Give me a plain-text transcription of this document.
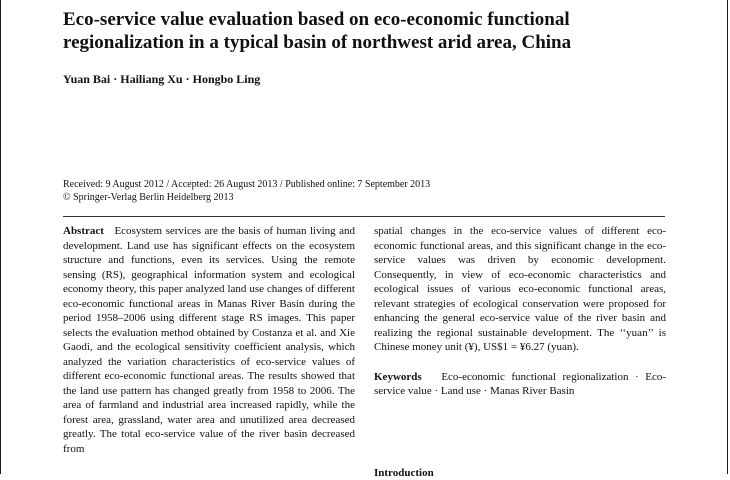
Eco-service value evaluation based on eco-economic functional regionalization in a typical basin of northwest arid area, China
Yuan Bai · Hailiang Xu · Hongbo Ling
Received: 9 August 2012 / Accepted: 26 August 2013 / Published online: 7 September 2013
© Springer-Verlag Berlin Heidelberg 2013

Abstract Ecosystem services are the basis of human living and development. Land use has significant effects on the ecosystem structure and functions, even its services. Using the remote sensing (RS), geographical information system and ecological economy theory, this paper analyzed land use changes of different eco-economic functional areas in Manas River Basin during the period 1958–2006 using different stage RS images. This paper selects the evaluation method obtained by Costanza et al. and Xie Gaodi, and the ecological sensitivity coefficient analysis, which analyzed the variation characteristics of eco-service values of different eco-economic functional areas. The results showed that the land use pattern has changed greatly from 1958 to 2006. The area of farmland and industrial area increased rapidly, while the forest area, grassland, water area and unutilized area decreased greatly. The total eco-service value of the river basin decreased from

spatial changes in the eco-service values of different eco-economic functional areas, and this significant change in the eco-service values was driven by economic development. Consequently, in view of eco-economic characteristics and ecological issues of various eco-economic functional areas, relevant strategies of ecological conservation were proposed for enhancing the general eco-service value of the river basin and realizing the regional sustainable development. The ‘‘yuan’’ is Chinese money unit (¥), US$1 = ¥6.27 (yuan).

Keywords Eco-economic functional regionalization · Eco-service value · Land use · Manas River Basin

Introduction
